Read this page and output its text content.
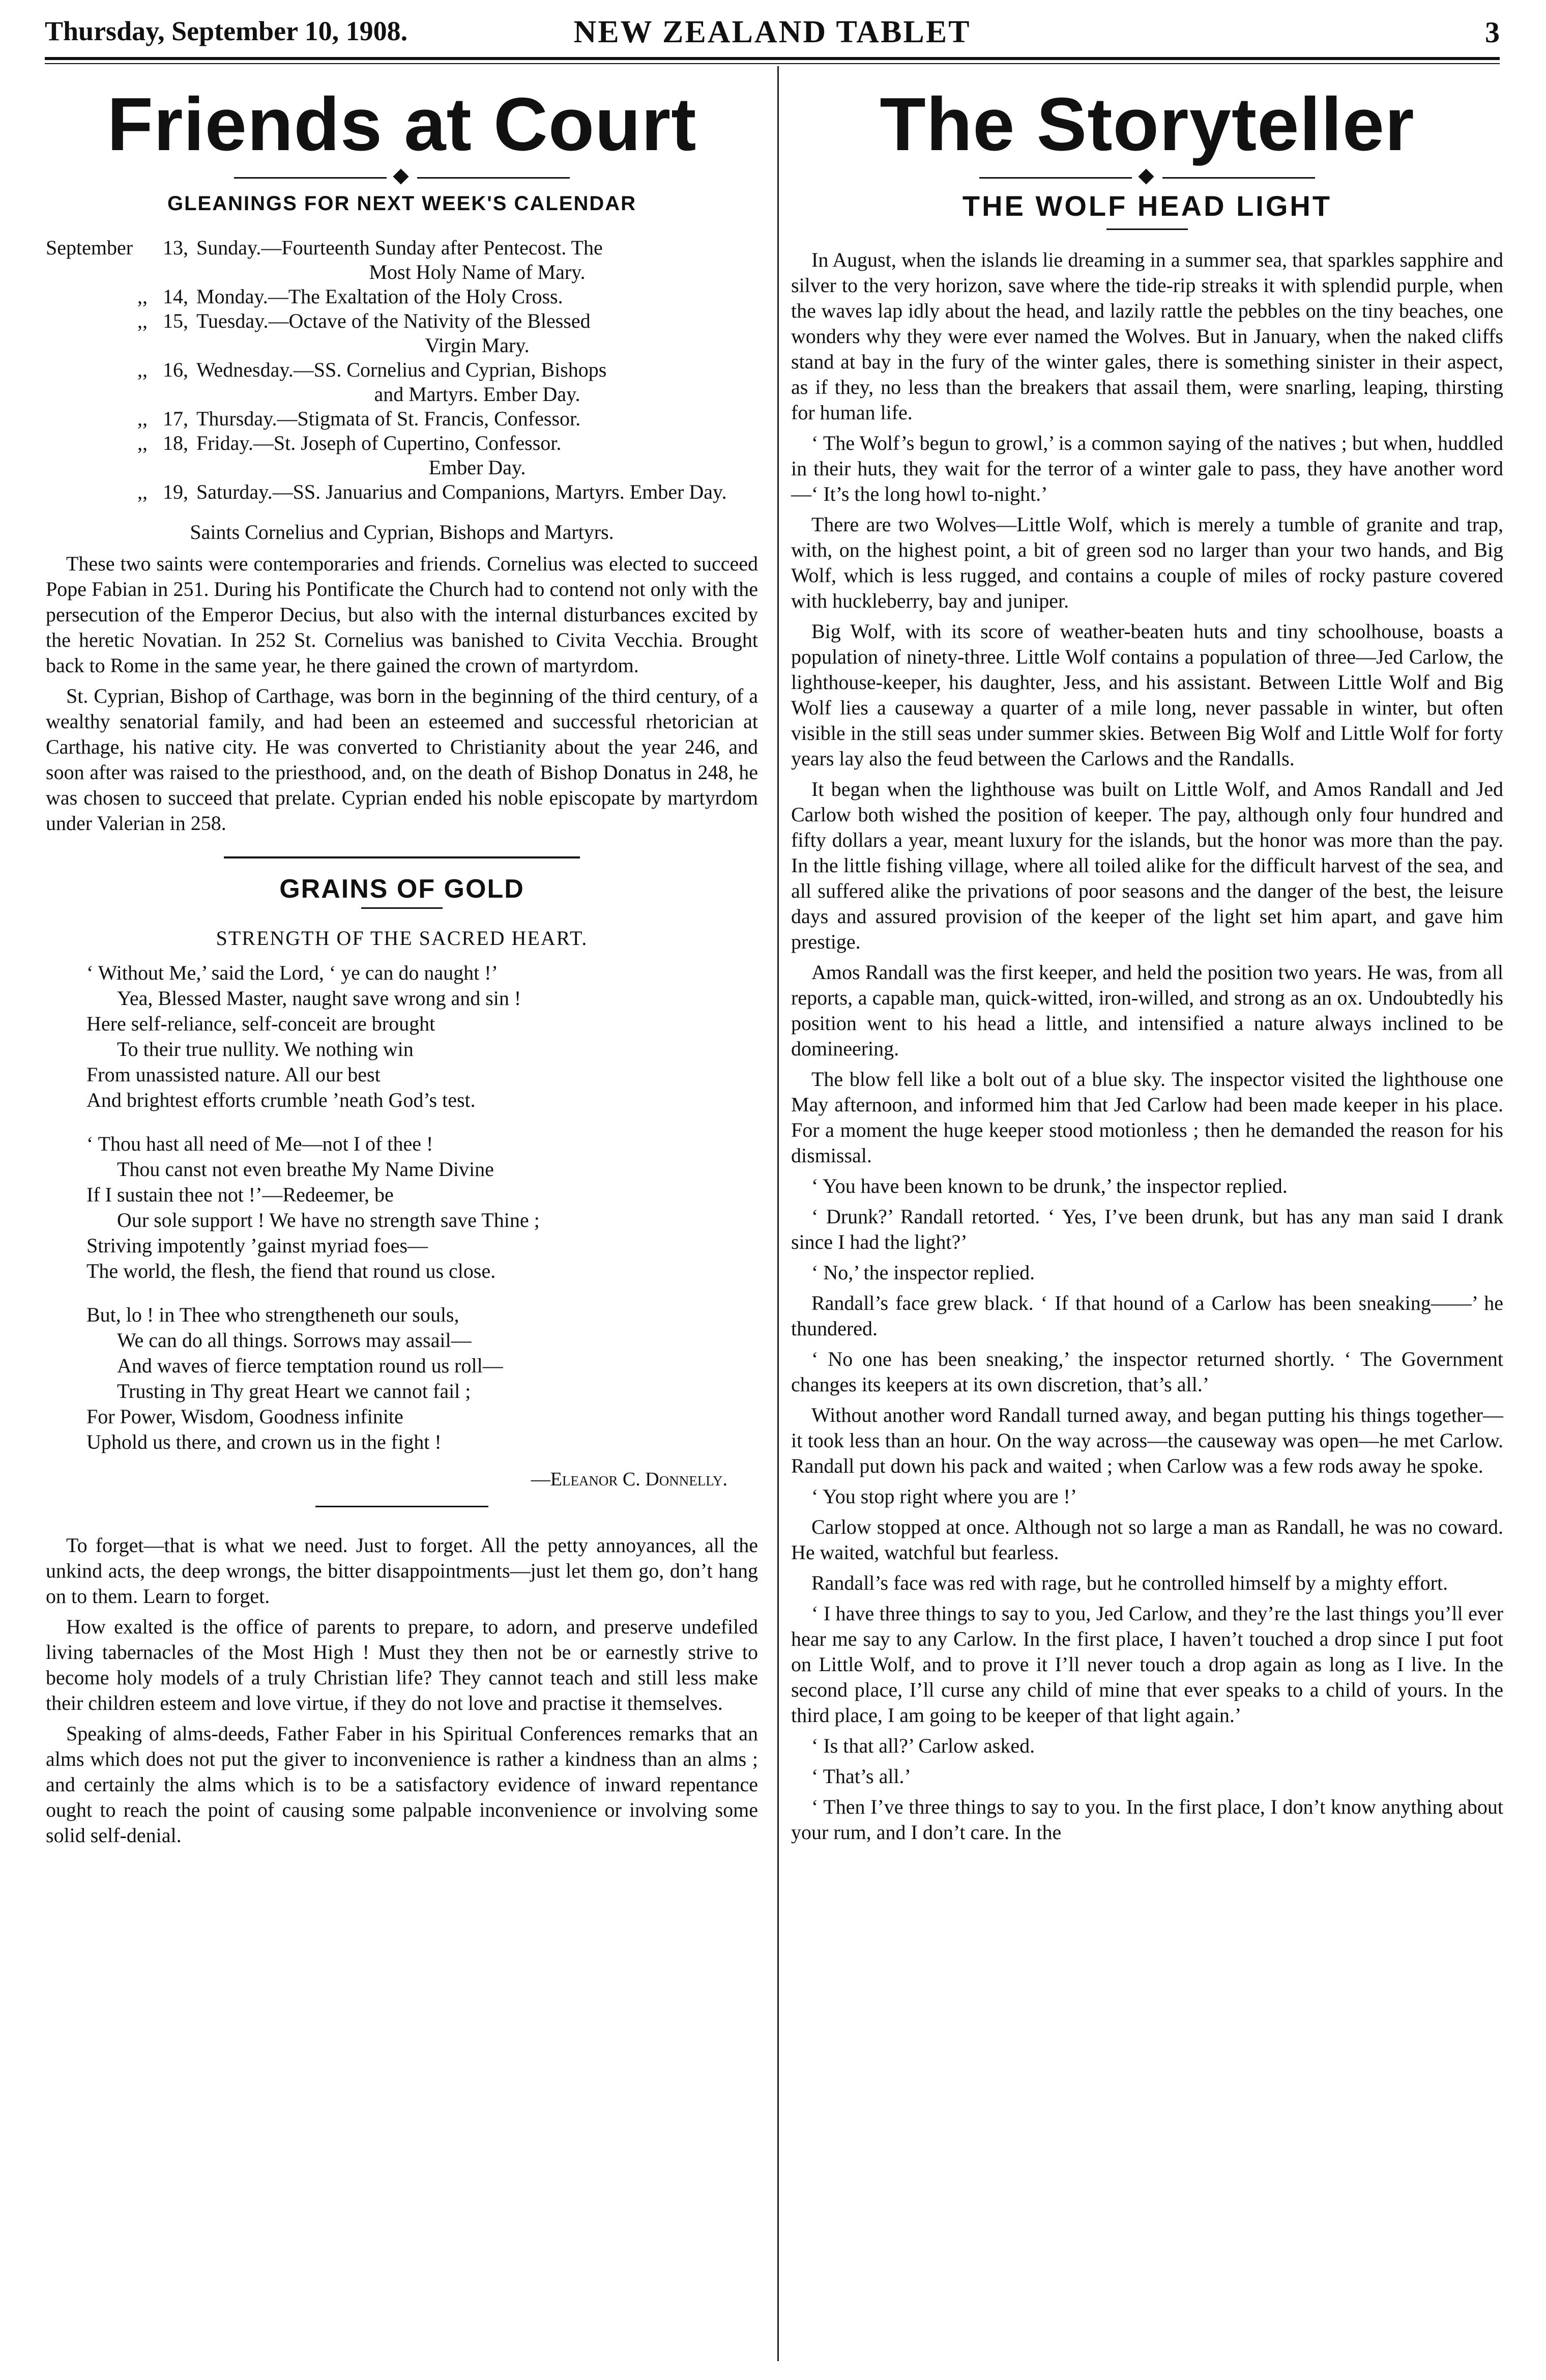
Thursday, September 10, 1908.	NEW ZEALAND TABLET	3
Friends at Court
GLEANINGS FOR NEXT WEEK'S CALENDAR
September	13, Sunday.—Fourteenth Sunday after Pentecost. The
Most Holy Name of Mary.
,, 14, Monday.—The Exaltation of the Holy Cross.
,, 15, Tuesday.—Octave of the Nativity of the Blessed
Virgin Mary.
,, 16, Wednesday.—SS. Cornelius and Cyprian, Bishops
and Martyrs. Ember Day.
,, 17, Thursday.—Stigmata of St. Francis, Confessor.
,, 18, Friday.—St. Joseph of Cupertino, Confessor.
Ember Day.
,, 19, Saturday.—SS. Januarius and Companions, Martyrs. Ember Day.

Saints Cornelius and Cyprian, Bishops and Martyrs.

These two saints were contemporaries and friends. Cornelius was elected to succeed Pope Fabian in 251. During his Pontificate the Church had to contend not only with the persecution of the Emperor Decius, but also with the internal disturbances excited by the heretic Novatian. In 252 St. Cornelius was banished to Civita Vecchia. Brought back to Rome in the same year, he there gained the crown of martyrdom.

St. Cyprian, Bishop of Carthage, was born in the beginning of the third century, of a wealthy senatorial family, and had been an esteemed and successful rhetorician at Carthage, his native city. He was converted to Christianity about the year 246, and soon after was raised to the priesthood, and, on the death of Bishop Donatus in 248, he was chosen to succeed that prelate. Cyprian ended his noble episcopate by martyrdom under Valerian in 258.

GRAINS OF GOLD
STRENGTH OF THE SACRED HEART.
‘ Without Me,’ said the Lord, ‘ ye can do naught !’
Yea, Blessed Master, naught save wrong and sin !
Here self-reliance, self-conceit are brought
To their true nullity. We nothing win
From unassisted nature. All our best
And brightest efforts crumble ’neath God’s test.
‘ Thou hast all need of Me—not I of thee !
Thou canst not even breathe My Name Divine
If I sustain thee not !’—Redeemer, be
Our sole support ! We have no strength save Thine ;
Striving impotently ’gainst myriad foes—
The world, the flesh, the fiend that round us close.
But, lo ! in Thee who strengtheneth our souls,
We can do all things. Sorrows may assail—
And waves of fierce temptation round us roll—
Trusting in Thy great Heart we cannot fail ;
For Power, Wisdom, Goodness infinite
Uphold us there, and crown us in the fight !
—Eleanor C. Donnelly.

To forget—that is what we need. Just to forget. All the petty annoyances, all the unkind acts, the deep wrongs, the bitter disappointments—just let them go, don’t hang on to them. Learn to forget.

How exalted is the office of parents to prepare, to adorn, and preserve undefiled living tabernacles of the Most High ! Must they then not be or earnestly strive to become holy models of a truly Christian life? They cannot teach and still less make their children esteem and love virtue, if they do not love and practise it themselves.

Speaking of alms-deeds, Father Faber in his Spiritual Conferences remarks that an alms which does not put the giver to inconvenience is rather a kindness than an alms ; and certainly the alms which is to be a satisfactory evidence of inward repentance ought to reach the point of causing some palpable inconvenience or involving some solid self-denial.

The Storyteller
THE WOLF HEAD LIGHT

In August, when the islands lie dreaming in a summer sea, that sparkles sapphire and silver to the very horizon, save where the tide-rip streaks it with splendid purple, when the waves lap idly about the head, and lazily rattle the pebbles on the tiny beaches, one wonders why they were ever named the Wolves. But in January, when the naked cliffs stand at bay in the fury of the winter gales, there is something sinister in their aspect, as if they, no less than the breakers that assail them, were snarling, leaping, thirsting for human life.

‘ The Wolf’s begun to growl,’ is a common saying of the natives ; but when, huddled in their huts, they wait for the terror of a winter gale to pass, they have another word—‘ It’s the long howl to-night.’

There are two Wolves—Little Wolf, which is merely a tumble of granite and trap, with, on the highest point, a bit of green sod no larger than your two hands, and Big Wolf, which is less rugged, and contains a couple of miles of rocky pasture covered with huckleberry, bay and juniper.

Big Wolf, with its score of weather-beaten huts and tiny schoolhouse, boasts a population of ninety-three. Little Wolf contains a population of three—Jed Carlow, the lighthouse-keeper, his daughter, Jess, and his assistant. Between Little Wolf and Big Wolf lies a causeway a quarter of a mile long, never passable in winter, but often visible in the still seas under summer skies. Between Big Wolf and Little Wolf for forty years lay also the feud between the Carlows and the Randalls.

It began when the lighthouse was built on Little Wolf, and Amos Randall and Jed Carlow both wished the position of keeper. The pay, although only four hundred and fifty dollars a year, meant luxury for the islands, but the honor was more than the pay. In the little fishing village, where all toiled alike for the difficult harvest of the sea, and all suffered alike the privations of poor seasons and the danger of the best, the leisure days and assured provision of the keeper of the light set him apart, and gave him prestige.

Amos Randall was the first keeper, and held the position two years. He was, from all reports, a capable man, quick-witted, iron-willed, and strong as an ox. Undoubtedly his position went to his head a little, and intensified a nature always inclined to be domineering.

The blow fell like a bolt out of a blue sky. The inspector visited the lighthouse one May afternoon, and informed him that Jed Carlow had been made keeper in his place. For a moment the huge keeper stood motionless ; then he demanded the reason for his dismissal.

‘ You have been known to be drunk,’ the inspector replied.

‘ Drunk?’ Randall retorted. ‘ Yes, I’ve been drunk, but has any man said I drank since I had the light?’

‘ No,’ the inspector replied.

Randall’s face grew black. ‘ If that hound of a Carlow has been sneaking——’ he thundered.

‘ No one has been sneaking,’ the inspector returned shortly. ‘ The Government changes its keepers at its own discretion, that’s all.’

Without another word Randall turned away, and began putting his things together—it took less than an hour. On the way across—the causeway was open—he met Carlow. Randall put down his pack and waited ; when Carlow was a few rods away he spoke.

‘ You stop right where you are !’

Carlow stopped at once. Although not so large a man as Randall, he was no coward. He waited, watchful but fearless.

Randall’s face was red with rage, but he controlled himself by a mighty effort.

‘ I have three things to say to you, Jed Carlow, and they’re the last things you’ll ever hear me say to any Carlow. In the first place, I haven’t touched a drop since I put foot on Little Wolf, and to prove it I’ll never touch a drop again as long as I live. In the second place, I’ll curse any child of mine that ever speaks to a child of yours. In the third place, I am going to be keeper of that light again.’

‘ Is that all?’ Carlow asked.

‘ That’s all.’

‘ Then I’ve three things to say to you. In the first place, I don’t know anything about your rum, and I don’t care. In the
